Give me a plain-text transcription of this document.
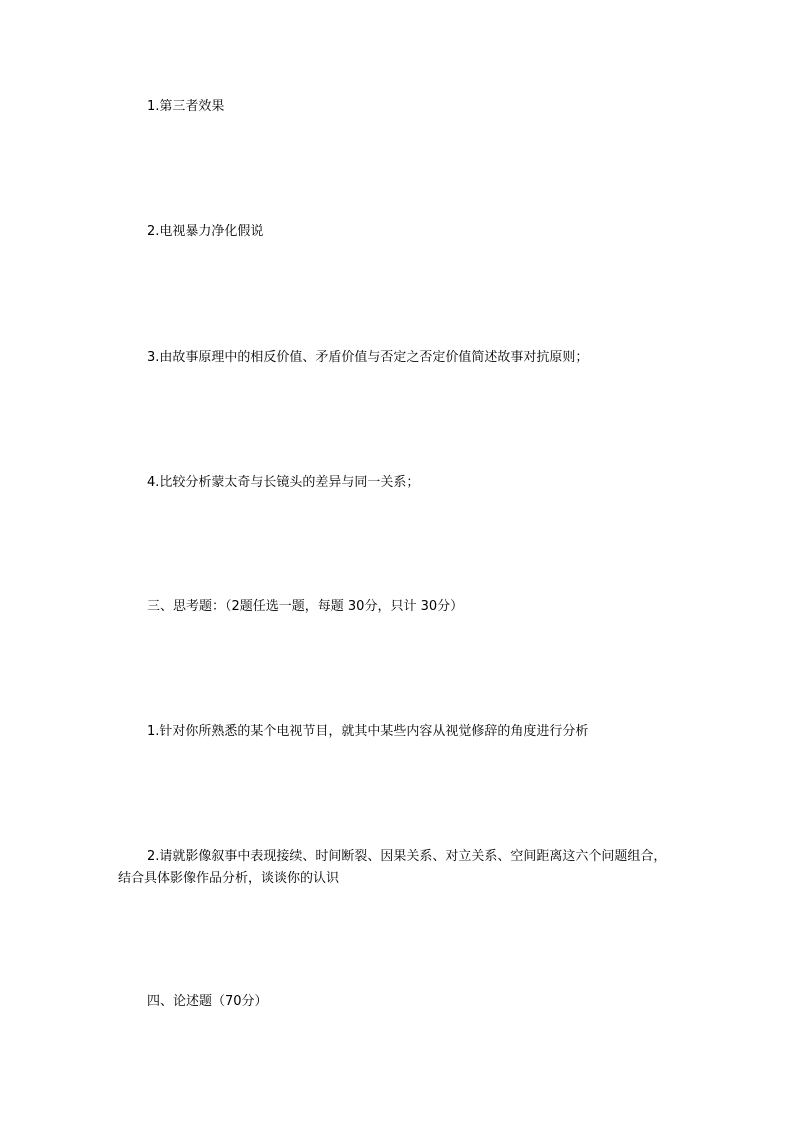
1.第三者效果

2.电视暴力净化假说

3.由故事原理中的相反价值、矛盾价值与否定之否定价值简述故事对抗原则；

4.比较分析蒙太奇与长镜头的差异与同一关系；

三、思考题：（2题任选一题，每题 30分，只计 30分）

1.针对你所熟悉的某个电视节目，就其中某些内容从视觉修辞的角度进行分析

2.请就影像叙事中表现接续、时间断裂、因果关系、对立关系、空间距离这六个问题组合，结合具体影像作品分析，谈谈你的认识

四、论述题（70分）
